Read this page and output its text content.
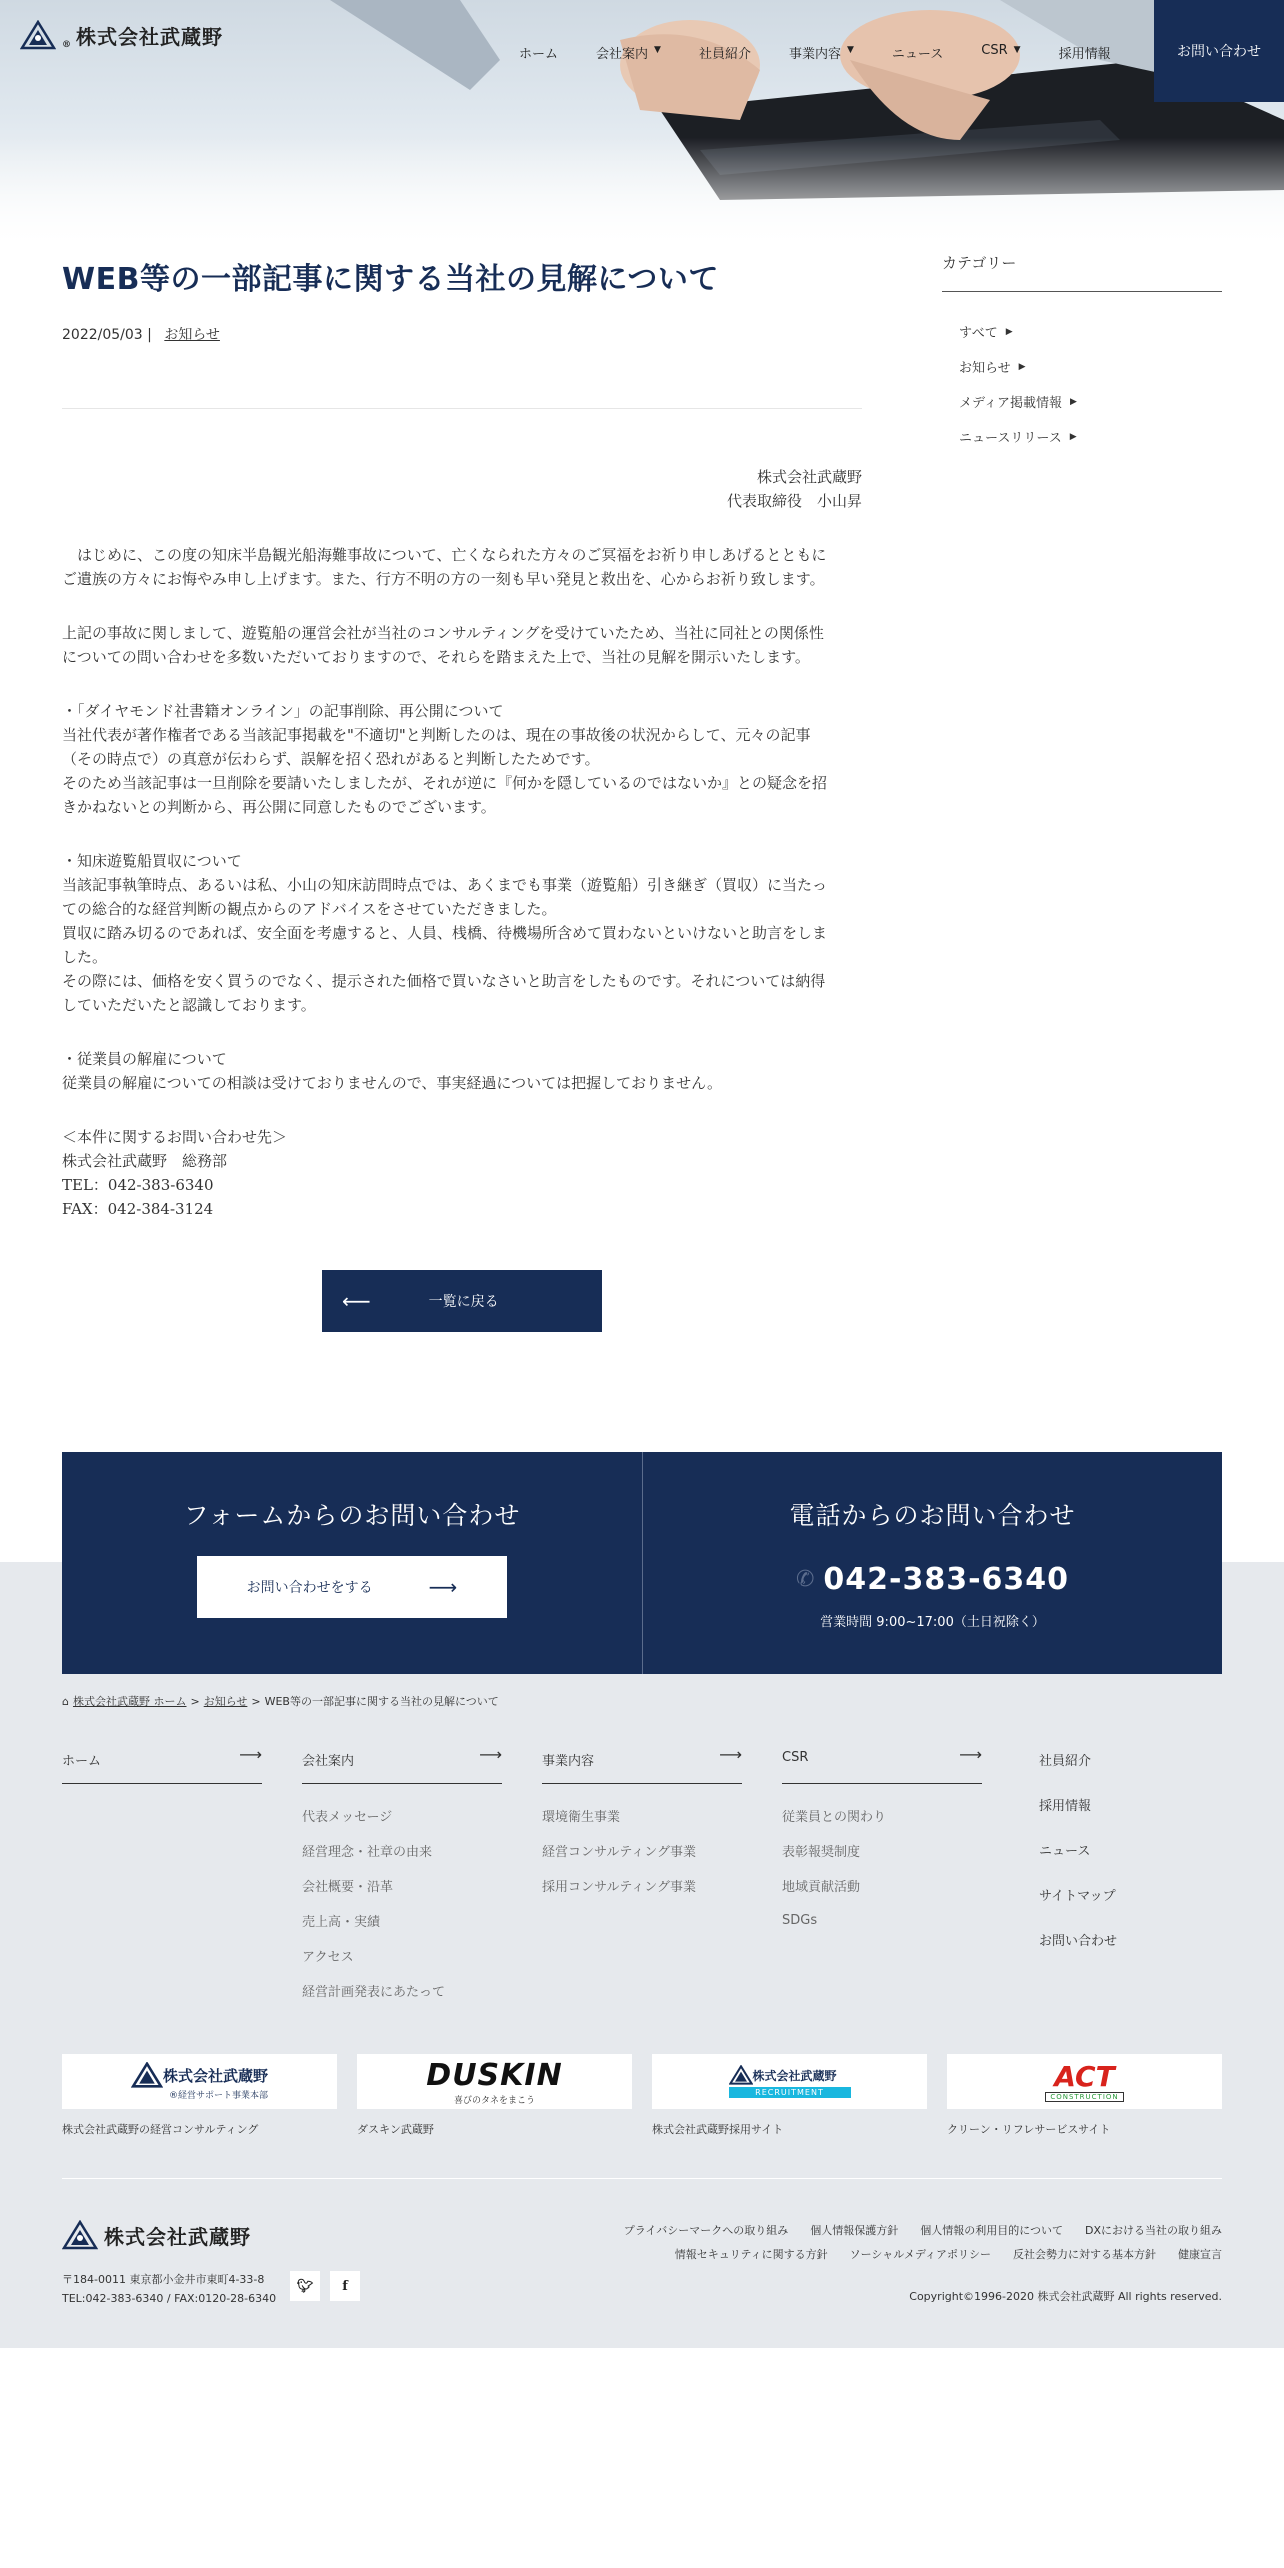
® 株式会社武蔵野
ホーム	会社案内 ▼	社員紹介	事業内容 ▼	ニュース	CSR ▼	採用情報	お問い合わせ
WEB等の一部記事に関する当社の見解について
2022/05/03 | お知らせ
株式会社武蔵野
代表取締役　小山昇

　はじめに、この度の知床半島観光船海難事故について、亡くなられた方々のご冥福をお祈り申しあげるとともに
ご遺族の方々にお悔やみ申し上げます。また、行方不明の方の一刻も早い発見と救出を、心からお祈り致します。

上記の事故に関しまして、遊覧船の運営会社が当社のコンサルティングを受けていたため、当社に同社との関係性
についての問い合わせを多数いただいておりますので、それらを踏まえた上で、当社の見解を開示いたします。

・「ダイヤモンド社書籍オンライン」の記事削除、再公開について
当社代表が著作権者である当該記事掲載を"不適切"と判断したのは、現在の事故後の状況からして、元々の記事
（その時点で）の真意が伝わらず、誤解を招く恐れがあると判断したためです。
そのため当該記事は一旦削除を要請いたしましたが、それが逆に『何かを隠しているのではないか』との疑念を招
きかねないとの判断から、再公開に同意したものでございます。

・知床遊覧船買収について
当該記事執筆時点、あるいは私、小山の知床訪問時点では、あくまでも事業（遊覧船）引き継ぎ（買収）に当たっ
ての総合的な経営判断の観点からのアドバイスをさせていただきました。
買収に踏み切るのであれば、安全面を考慮すると、人員、桟橋、待機場所含めて買わないといけないと助言をしま
した。
その際には、価格を安く買うのでなく、提示された価格で買いなさいと助言をしたものです。それについては納得
していただいたと認識しております。

・従業員の解雇について
従業員の解雇についての相談は受けておりませんので、事実経過については把握しておりません。

＜本件に関するお問い合わせ先＞
株式会社武蔵野　総務部
TEL：042-383-6340
FAX：042-384-3124
⟵	一覧に戻る
カテゴリー
すべて ▶
お知らせ ▶
メディア掲載情報 ▶
ニュースリリース ▶
フォームからのお問い合わせ
お問い合わせをする	⟶
電話からのお問い合わせ
✆ 042-383-6340
営業時間 9:00~17:00（土日祝除く）
⌂ 株式会社武蔵野 ホーム > お知らせ > WEB等の一部記事に関する当社の見解について
ホーム	⟶	会社案内	⟶
代表メッセージ
経営理念・社章の由来
会社概要・沿革
売上高・実績
アクセス
経営計画発表にあたって
事業内容	⟶
環境衛生事業
経営コンサルティング事業
採用コンサルティング事業
CSR	⟶
従業員との関わり
表彰報奨制度
地域貢献活動
SDGs
社員紹介
採用情報
ニュース
サイトマップ
お問い合わせ
株式会社武蔵野
®経営サポート事業本部
株式会社武蔵野の経営コンサルティング
DUSKIN
喜びのタネをまこう
ダスキン武蔵野
株式会社武蔵野
RECRUITMENT
株式会社武蔵野採用サイト
ACT
CONSTRUCTION
クリーン・リフレサービスサイト
株式会社武蔵野
〒184-0011 東京都小金井市東町4-33-8
TEL:042-383-6340 / FAX:0120-28-6340
🐦︎	f
プライバシーマークへの取り組み 個人情報保護方針 個人情報の利用目的について DXにおける当社の取り組み
情報セキュリティに関する方針 ソーシャルメディアポリシー 反社会勢力に対する基本方針 健康宣言
Copyright©1996-2020 株式会社武蔵野 All rights reserved.
